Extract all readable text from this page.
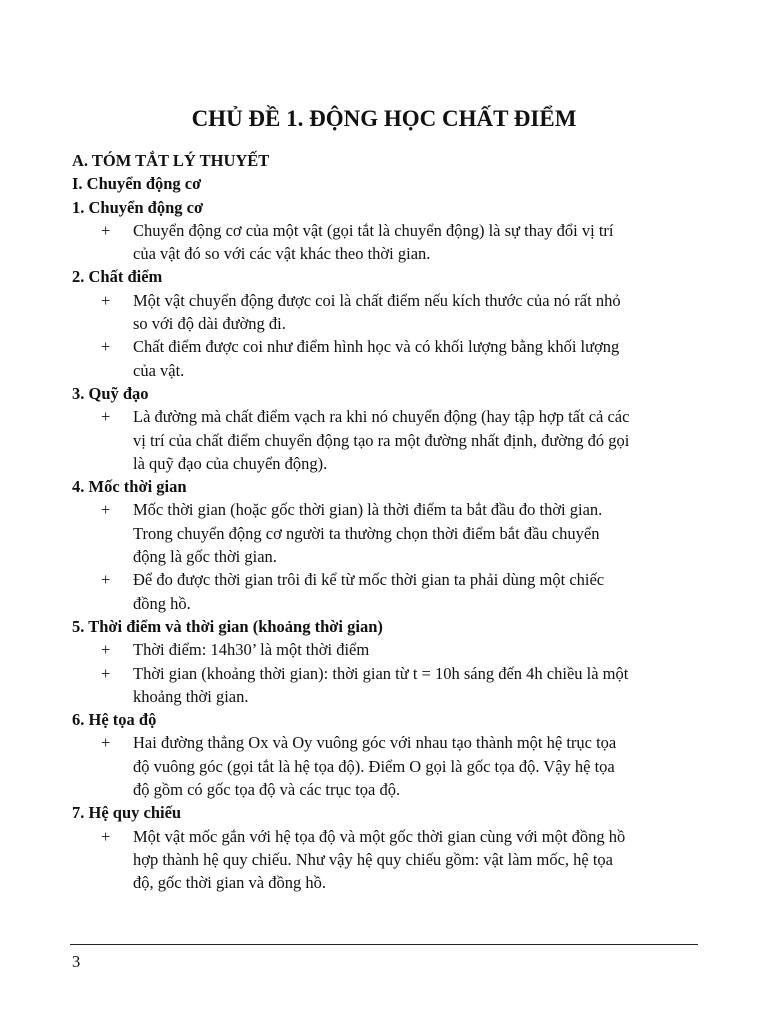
CHỦ ĐỀ 1. ĐỘNG HỌC CHẤT ĐIỂM
A. TÓM TẮT LÝ THUYẾT
I. Chuyển động cơ
1. Chuyển động cơ
+ Chuyển động cơ của một vật (gọi tắt là chuyển động) là sự thay đổi vị trí
của vật đó so với các vật khác theo thời gian.
2. Chất điểm
+ Một vật chuyển động được coi là chất điểm nếu kích thước của nó rất nhỏ
so với độ dài đường đi.
+ Chất điểm được coi như điểm hình học và có khối lượng bằng khối lượng
của vật.
3. Quỹ đạo
+ Là đường mà chất điểm vạch ra khi nó chuyển động (hay tập hợp tất cả các
vị trí của chất điểm chuyển động tạo ra một đường nhất định, đường đó gọi
là quỹ đạo của chuyển động).
4. Mốc thời gian
+ Mốc thời gian (hoặc gốc thời gian) là thời điểm ta bắt đầu đo thời gian.
Trong chuyển động cơ người ta thường chọn thời điểm bắt đầu chuyển
động là gốc thời gian.
+ Để đo được thời gian trôi đi kể từ mốc thời gian ta phải dùng một chiếc
đồng hồ.
5. Thời điểm và thời gian (khoảng thời gian)
+ Thời điểm: 14h30’ là một thời điểm
+ Thời gian (khoảng thời gian): thời gian từ t = 10h sáng đến 4h chiều là một
khoảng thời gian.
6. Hệ tọa độ
+ Hai đường thẳng Ox và Oy vuông góc với nhau tạo thành một hệ trục tọa
độ vuông góc (gọi tắt là hệ tọa độ). Điểm O gọi là gốc tọa độ. Vậy hệ tọa
độ gồm có gốc tọa độ và các trục tọa độ.
7. Hệ quy chiếu
+ Một vật mốc gắn với hệ tọa độ và một gốc thời gian cùng với một đồng hồ
hợp thành hệ quy chiếu. Như vậy hệ quy chiếu gồm: vật làm mốc, hệ tọa
độ, gốc thời gian và đồng hồ.
3
